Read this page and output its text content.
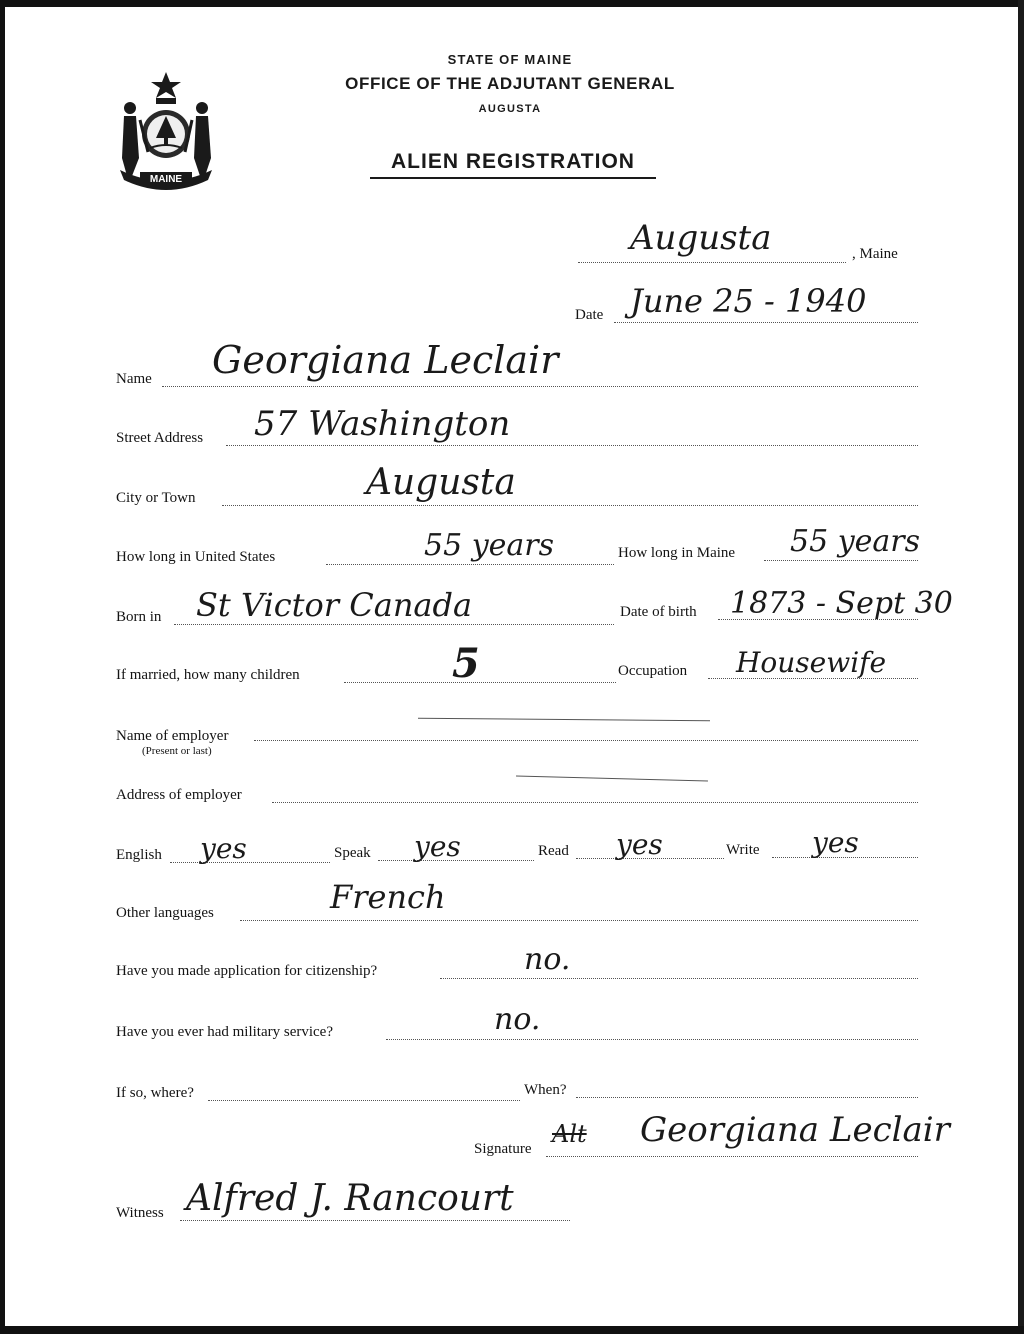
MAINE
STATE OF MAINE
OFFICE OF THE ADJUTANT GENERAL
AUGUSTA
ALIEN REGISTRATION
Augusta	, Maine
Date June 25 - 1940
Name Georgiana Leclair
Street Address 57 Washington
City or Town	Augusta
How long in United States	55 years	How long in Maine 55 years
Born in St Victor Canada	Date of birth 1873 - Sept 30
If married, how many children	5	Occupation Housewife
Name of employer
(Present or last)
Address of employer
English yes	Speak yes	Read yes	Write yes
Other languages	French
Have you made application for citizenship?	no.
Have you ever had military service?	no.
If so, where?	When?
Signature
Alt Georgiana Leclair
Witness Alfred J. Rancourt
